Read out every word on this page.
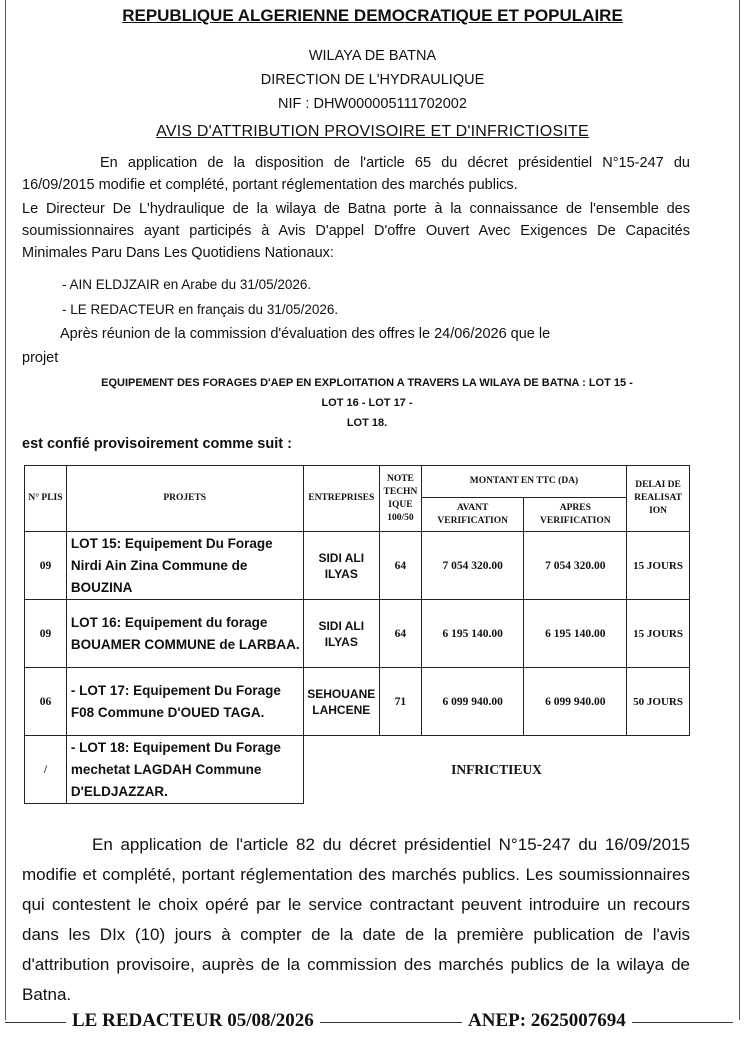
REPUBLIQUE ALGERIENNE DEMOCRATIQUE ET POPULAIRE
WILAYA DE BATNA
DIRECTION DE L'HYDRAULIQUE
NIF : DHW000005111702002
AVIS D'ATTRIBUTION PROVISOIRE ET D'INFRICTIOSITE
En application de la disposition de l'article 65 du décret présidentiel N°15-247 du 16/09/2015 modifie et complété, portant réglementation des marchés publics.
Le Directeur De L'hydraulique de la wilaya de Batna porte à la connaissance de l'ensemble des soumissionnaires ayant participés à Avis D'appel D'offre Ouvert Avec Exigences De Capacités Minimales Paru Dans Les Quotidiens Nationaux:
- AIN ELDJZAIR en Arabe du 31/05/2026.
- LE REDACTEUR en français du 31/05/2026.
Après réunion de la commission d'évaluation des offres le 24/06/2026 que le
projet
EQUIPEMENT DES FORAGES D'AEP EN EXPLOITATION A TRAVERS LA WILAYA DE BATNA : LOT 15 -LOT 16 - LOT 17 -
LOT 18.
est confié provisoirement comme suit :
N° PLIS	PROJETS	ENTREPRISES	NOTE TECHN IQUE 100/50	MONTANT EN TTC (DA)		DELAI DE REALISAT ION
				AVANT VERIFICATION	APRES VERIFICATION	
09	LOT 15: Equipement Du Forage Nirdi Ain Zina Commune de BOUZINA	SIDI ALI ILYAS	64	7 054 320.00	7 054 320.00	15 JOURS
09	LOT 16: Equipement du forage BOUAMER COMMUNE de LARBAA.	SIDI ALI ILYAS	64	6 195 140.00	6 195 140.00	15 JOURS
06	- LOT 17: Equipement Du Forage F08 Commune D'OUED TAGA.	SEHOUANE LAHCENE	71	6 099 940.00	6 099 940.00	50 JOURS
/	- LOT 18: Equipement Du Forage mechetat LAGDAH Commune D'ELDJAZZAR.	INFRICTIEUX				

En application de l'article 82 du décret présidentiel N°15-247 du 16/09/2015 modifie et complété, portant réglementation des marchés publics. Les soumissionnaires qui contestent le choix opéré par le service contractant peuvent introduire un recours dans les DIx (10) jours à compter de la date de la première publication de l'avis d'attribution provisoire, auprès de la commission des marchés publics de la wilaya de Batna.

LE REDACTEUR 05/08/2026	ANEP: 2625007694
